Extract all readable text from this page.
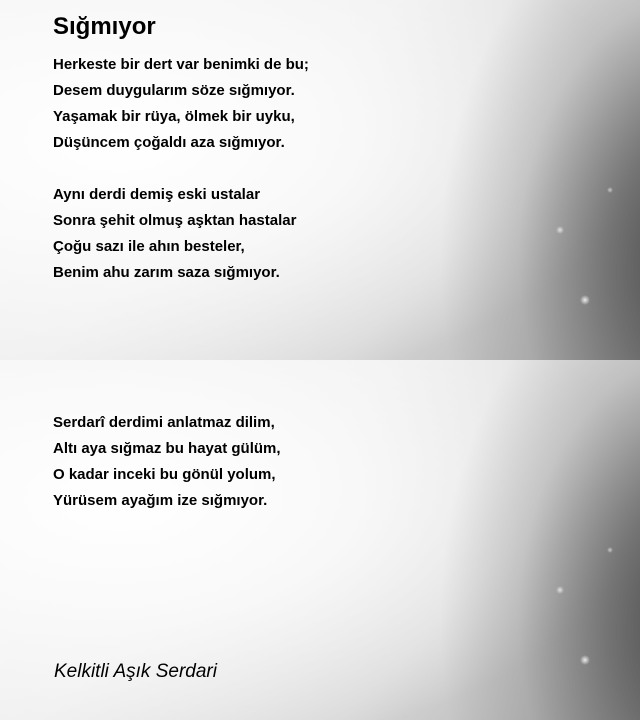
Sığmıyor
Herkeste bir dert var benimki de bu;
Desem duygularım söze sığmıyor.
Yaşamak bir rüya, ölmek bir uyku,
Düşüncem çoğaldı aza sığmıyor.
Aynı derdi demiş eski ustalar
Sonra şehit olmuş aşktan hastalar
Çoğu sazı ile ahın besteler,
Benim ahu zarım saza sığmıyor.
Serdarî derdimi anlatmaz dilim,
Altı aya sığmaz bu hayat gülüm,
O kadar inceki bu gönül yolum,
Yürüsem ayağım ize sığmıyor.

Kelkitli Aşık Serdari
